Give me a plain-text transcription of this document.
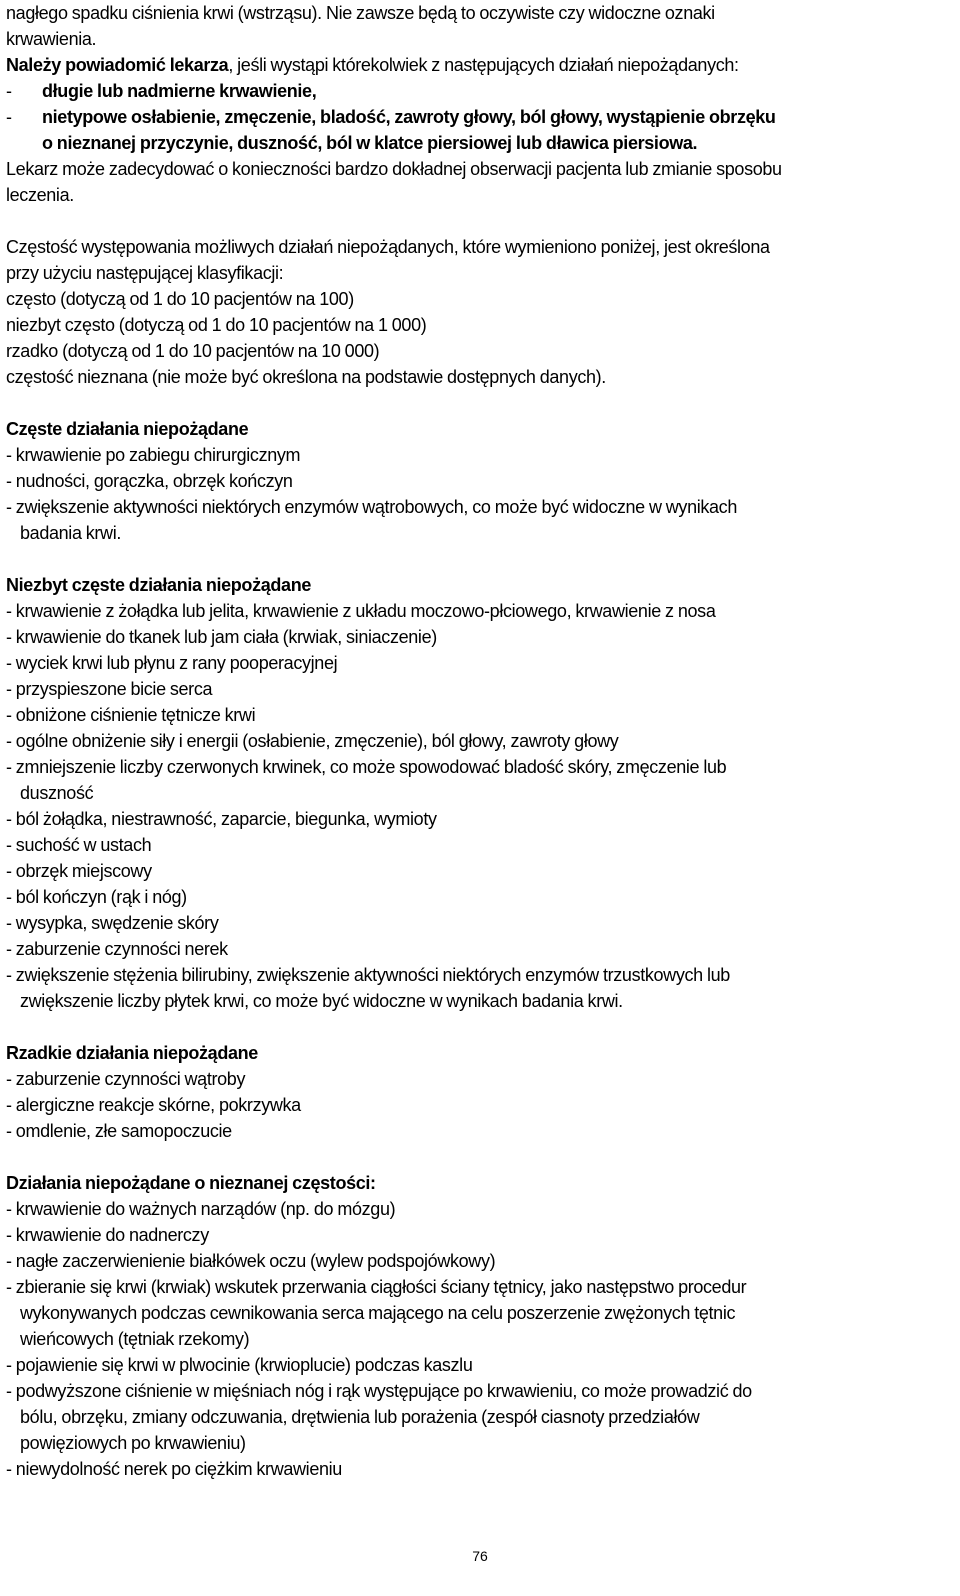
nagłego spadku ciśnienia krwi (wstrząsu). Nie zawsze będą to oczywiste czy widoczne oznaki
krwawienia.
Należy powiadomić lekarza, jeśli wystąpi którekolwiek z następujących działań niepożądanych:
-	długie lub nadmierne krwawienie,
-	nietypowe osłabienie, zmęczenie, bladość, zawroty głowy, ból głowy, wystąpienie obrzęku
o nieznanej przyczynie, duszność, ból w klatce piersiowej lub dławica piersiowa.
Lekarz może zadecydować o konieczności bardzo dokładnej obserwacji pacjenta lub zmianie sposobu
leczenia.
Częstość występowania możliwych działań niepożądanych, które wymieniono poniżej, jest określona
przy użyciu następującej klasyfikacji:
często (dotyczą od 1 do 10 pacjentów na 100)
niezbyt często (dotyczą od 1 do 10 pacjentów na 1 000)
rzadko (dotyczą od 1 do 10 pacjentów na 10 000)
częstość nieznana (nie może być określona na podstawie dostępnych danych).
Częste działania niepożądane
- krwawienie po zabiegu chirurgicznym
- nudności, gorączka, obrzęk kończyn
- zwiększenie aktywności niektórych enzymów wątrobowych, co może być widoczne w wynikach
badania krwi.
Niezbyt częste działania niepożądane
- krwawienie z żołądka lub jelita, krwawienie z układu moczowo-płciowego, krwawienie z nosa
- krwawienie do tkanek lub jam ciała (krwiak, siniaczenie)
- wyciek krwi lub płynu z rany pooperacyjnej
- przyspieszone bicie serca
- obniżone ciśnienie tętnicze krwi
- ogólne obniżenie siły i energii (osłabienie, zmęczenie), ból głowy, zawroty głowy
- zmniejszenie liczby czerwonych krwinek, co może spowodować bladość skóry, zmęczenie lub
duszność
- ból żołądka, niestrawność, zaparcie, biegunka, wymioty
- suchość w ustach
- obrzęk miejscowy
- ból kończyn (rąk i nóg)
- wysypka, swędzenie skóry
- zaburzenie czynności nerek
- zwiększenie stężenia bilirubiny, zwiększenie aktywności niektórych enzymów trzustkowych lub
zwiększenie liczby płytek krwi, co może być widoczne w wynikach badania krwi.
Rzadkie działania niepożądane
- zaburzenie czynności wątroby
- alergiczne reakcje skórne, pokrzywka
- omdlenie, złe samopoczucie
Działania niepożądane o nieznanej częstości:
- krwawienie do ważnych narządów (np. do mózgu)
- krwawienie do nadnerczy
- nagłe zaczerwienienie białkówek oczu (wylew podspojówkowy)
- zbieranie się krwi (krwiak) wskutek przerwania ciągłości ściany tętnicy, jako następstwo procedur
wykonywanych podczas cewnikowania serca mającego na celu poszerzenie zwężonych tętnic
wieńcowych (tętniak rzekomy)
- pojawienie się krwi w plwocinie (krwioplucie) podczas kaszlu
- podwyższone ciśnienie w mięśniach nóg i rąk występujące po krwawieniu, co może prowadzić do
bólu, obrzęku, zmiany odczuwania, drętwienia lub porażenia (zespół ciasnoty przedziałów
powięziowych po krwawieniu)
- niewydolność nerek po ciężkim krwawieniu
76
